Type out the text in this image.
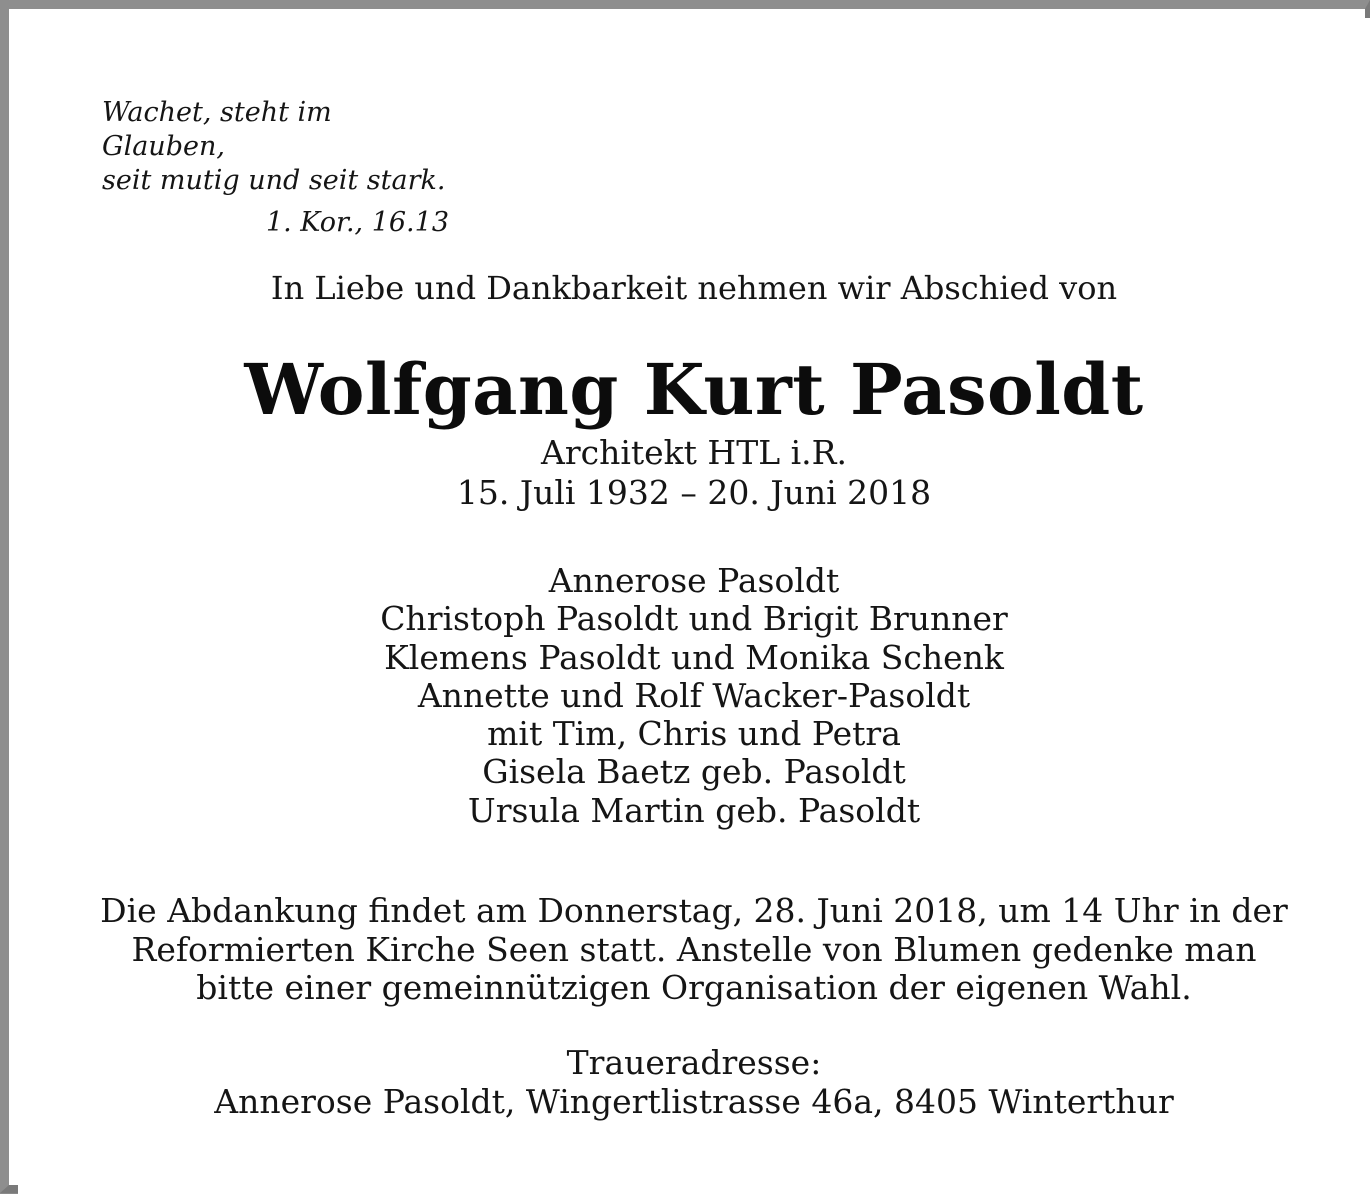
Wachet, steht im Glauben,
seit mutig und seit stark.
1. Kor., 16.13
In Liebe und Dankbarkeit nehmen wir Abschied von
Wolfgang Kurt Pasoldt
Architekt HTL i.R.
15. Juli 1932 – 20. Juni 2018
Annerose Pasoldt
Christoph Pasoldt und Brigit Brunner
Klemens Pasoldt und Monika Schenk
Annette und Rolf Wacker-Pasoldt
mit Tim, Chris und Petra
Gisela Baetz geb. Pasoldt
Ursula Martin geb. Pasoldt
Die Abdankung findet am Donnerstag, 28. Juni 2018, um 14 Uhr in der
Reformierten Kirche Seen statt. Anstelle von Blumen gedenke man
bitte einer gemeinnützigen Organisation der eigenen Wahl.
Traueradresse:
Annerose Pasoldt, Wingertlistrasse 46a, 8405 Winterthur
